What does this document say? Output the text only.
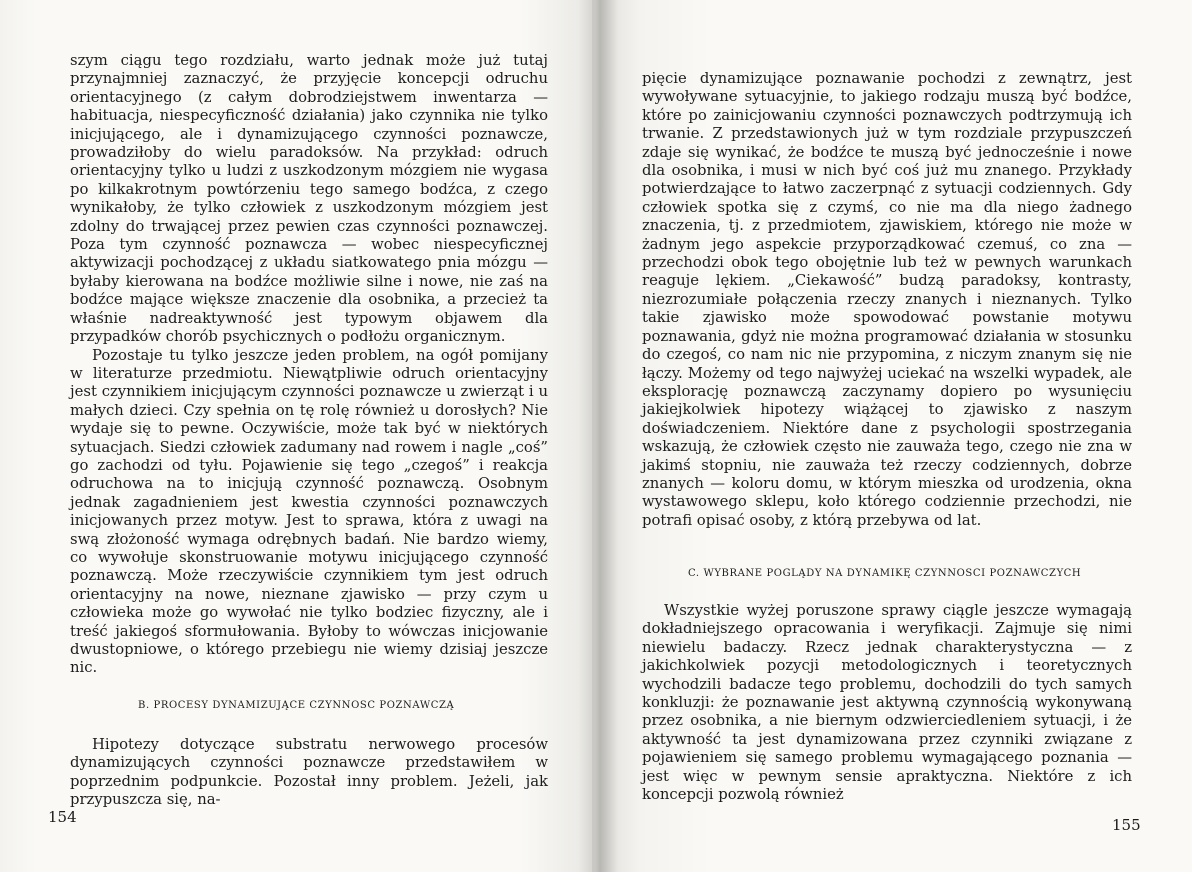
szym ciągu tego rozdziału, warto jednak może już tutaj przynajmniej zaznaczyć, że przyjęcie koncepcji odruchu orientacyjnego (z całym dobrodziejstwem inwentarza — habituacja, niespecyficzność działania) jako czynnika nie tylko inicjującego, ale i dynamizującego czynności poznawcze, prowadziłoby do wielu paradoksów. Na przykład: odruch orientacyjny tylko u ludzi z uszkodzonym mózgiem nie wygasa po kilkakrotnym powtórzeniu tego samego bodźca, z czego wynikałoby, że tylko człowiek z uszkodzonym mózgiem jest zdolny do trwającej przez pewien czas czynności poznawczej. Poza tym czynność poznawcza — wobec niespecyficznej aktywizacji pochodzącej z układu siatkowatego pnia mózgu — byłaby kierowana na bodźce możliwie silne i nowe, nie zaś na bodźce mające większe znaczenie dla osobnika, a przecież ta właśnie nadreaktywność jest typowym objawem dla przypadków chorób psychicznych o podłożu organicznym.

Pozostaje tu tylko jeszcze jeden problem, na ogół pomijany w literaturze przedmiotu. Niewątpliwie odruch orientacyjny jest czynnikiem inicjującym czynności poznawcze u zwierząt i u małych dzieci. Czy spełnia on tę rolę również u dorosłych? Nie wydaje się to pewne. Oczywiście, może tak być w niektórych sytuacjach. Siedzi człowiek zadumany nad rowem i nagle „coś” go zachodzi od tyłu. Pojawienie się tego „czegoś” i reakcja odruchowa na to inicjują czynność poznawczą. Osobnym jednak zagadnieniem jest kwestia czynności poznawczych inicjowanych przez motyw. Jest to sprawa, która z uwagi na swą złożoność wymaga odrębnych badań. Nie bardzo wiemy, co wywołuje skonstruowanie motywu inicjującego czynność poznawczą. Może rzeczywiście czynnikiem tym jest odruch orientacyjny na nowe, nieznane zjawisko — przy czym u człowieka może go wywołać nie tylko bodziec fizyczny, ale i treść jakiegoś sformułowania. Byłoby to wówczas inicjowanie dwustopniowe, o którego przebiegu nie wiemy dzisiaj jeszcze nic.

B. PROCESY DYNAMIZUJĄCE CZYNNOSC POZNAWCZĄ

Hipotezy dotyczące substratu nerwowego procesów dynamizujących czynności poznawcze przedstawiłem w poprzednim podpunkcie. Pozostał inny problem. Jeżeli, jak przypuszcza się, na-

154

pięcie dynamizujące poznawanie pochodzi z zewnątrz, jest wywoływane sytuacyjnie, to jakiego rodzaju muszą być bodźce, które po zainicjowaniu czynności poznawczych podtrzymują ich trwanie. Z przedstawionych już w tym rozdziale przypuszczeń zdaje się wynikać, że bodźce te muszą być jednocześnie i nowe dla osobnika, i musi w nich być coś już mu znanego. Przykłady potwierdzające to łatwo zaczerpnąć z sytuacji codziennych. Gdy człowiek spotka się z czymś, co nie ma dla niego żadnego znaczenia, tj. z przedmiotem, zjawiskiem, którego nie może w żadnym jego aspekcie przyporządkować czemuś, co zna — przechodzi obok tego obojętnie lub też w pewnych warunkach reaguje lękiem. „Ciekawość” budzą paradoksy, kontrasty, niezrozumiałe połączenia rzeczy znanych i nieznanych. Tylko takie zjawisko może spowodować powstanie motywu poznawania, gdyż nie można programować działania w stosunku do czegoś, co nam nic nie przypomina, z niczym znanym się nie łączy. Możemy od tego najwyżej uciekać na wszelki wypadek, ale eksplorację poznawczą zaczynamy dopiero po wysunięciu jakiejkolwiek hipotezy wiążącej to zjawisko z naszym doświadczeniem. Niektóre dane z psychologii spostrzegania wskazują, że człowiek często nie zauważa tego, czego nie zna w jakimś stopniu, nie zauważa też rzeczy codziennych, dobrze znanych — koloru domu, w którym mieszka od urodzenia, okna wystawowego sklepu, koło którego codziennie przechodzi, nie potrafi opisać osoby, z którą przebywa od lat.

C. WYBRANE POGLĄDY NA DYNAMIKĘ CZYNNOSCI POZNAWCZYCH

Wszystkie wyżej poruszone sprawy ciągle jeszcze wymagają dokładniejszego opracowania i weryfikacji. Zajmuje się nimi niewielu badaczy. Rzecz jednak charakterystyczna — z jakichkolwiek pozycji metodologicznych i teoretycznych wychodzili badacze tego problemu, dochodzili do tych samych konkluzji: że poznawanie jest aktywną czynnością wykonywaną przez osobnika, a nie biernym odzwierciedleniem sytuacji, i że aktywność ta jest dynamizowana przez czynniki związane z pojawieniem się samego problemu wymagającego poznania — jest więc w pewnym sensie apraktyczna. Niektóre z ich koncepcji pozwolą również

155
